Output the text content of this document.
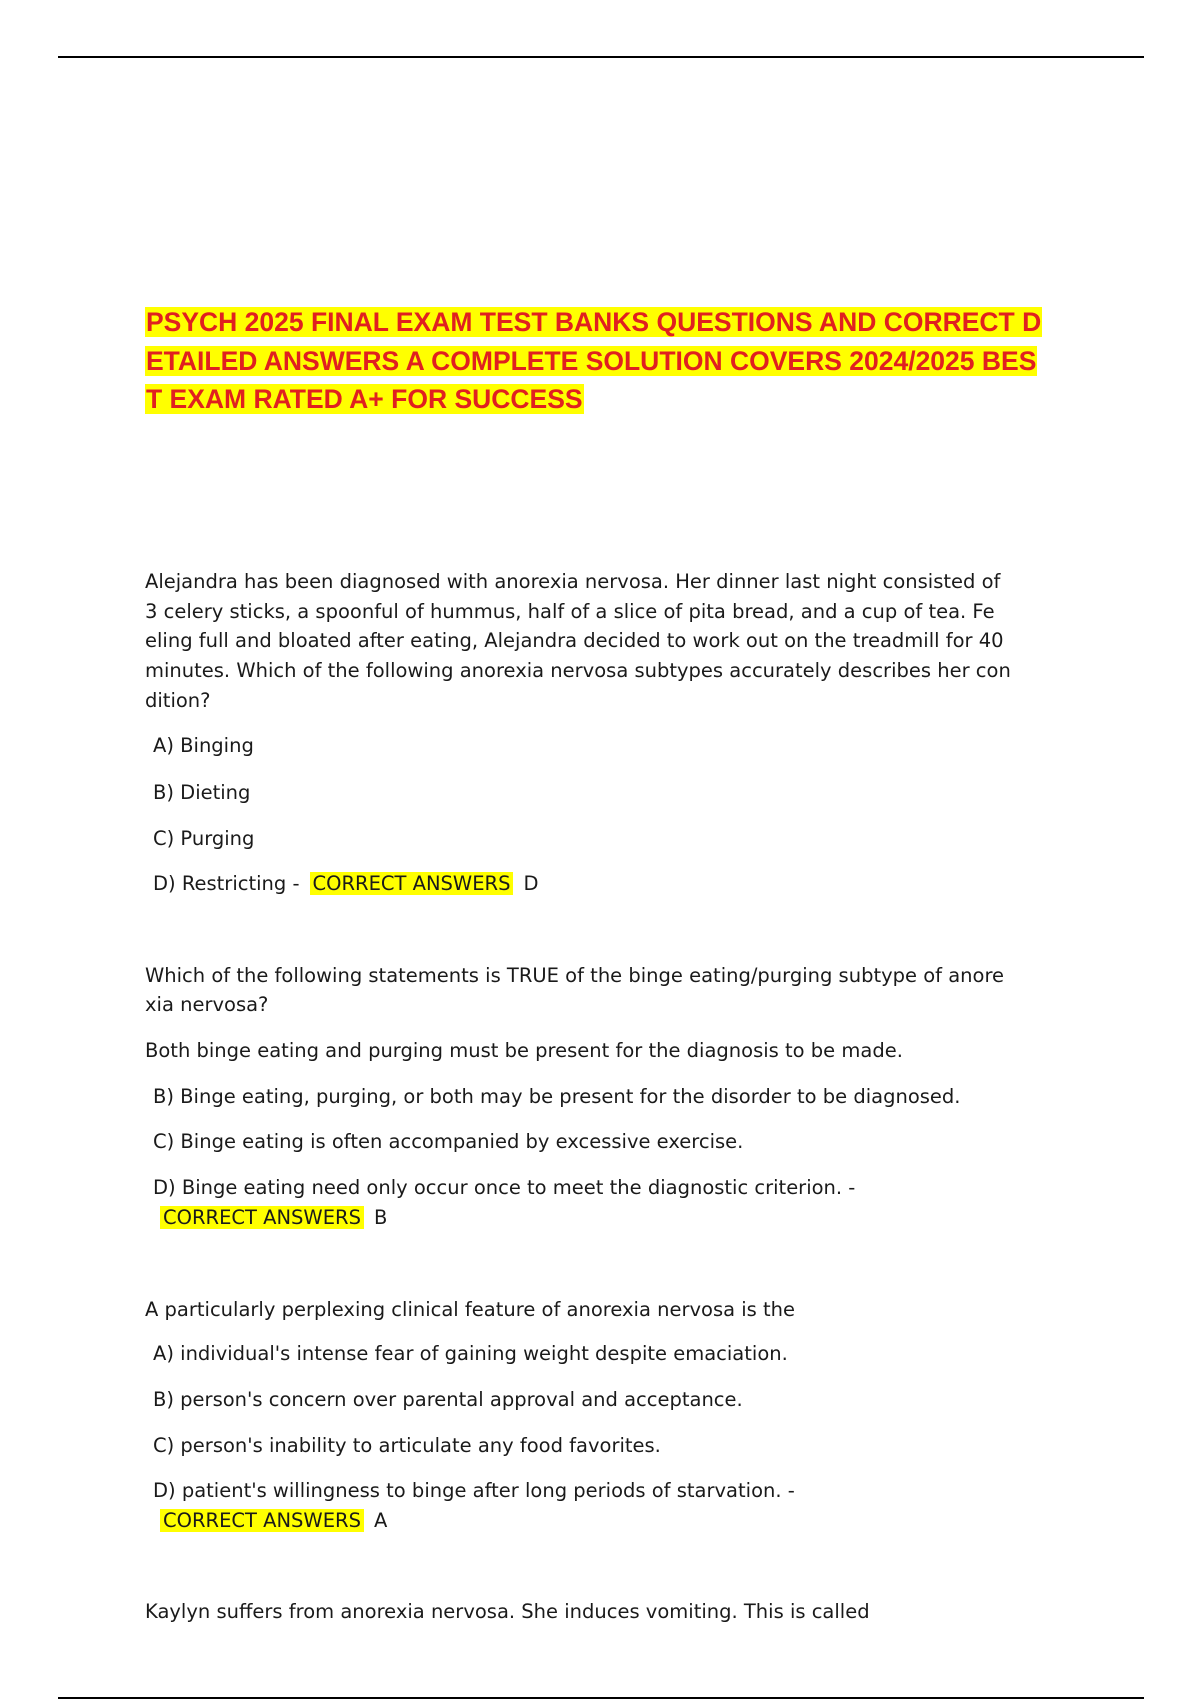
PSYCH 2025 FINAL EXAM TEST BANKS QUESTIONS AND CORRECT D
ETAILED ANSWERS A COMPLETE SOLUTION COVERS 2024/2025 BES
T EXAM RATED A+ FOR SUCCESS

Alejandra has been diagnosed with anorexia nervosa. Her dinner last night consisted of

3 celery sticks, a spoonful of hummus, half of a slice of pita bread, and a cup of tea. Fe

eling full and bloated after eating, Alejandra decided to work out on the treadmill for 40

minutes. Which of the following anorexia nervosa subtypes accurately describes her con

dition?

A) Binging

B) Dieting

C) Purging

D) Restricting - CORRECT ANSWERS D

Which of the following statements is TRUE of the binge eating/purging subtype of anore

xia nervosa?

Both binge eating and purging must be present for the diagnosis to be made.

B) Binge eating, purging, or both may be present for the disorder to be diagnosed.

C) Binge eating is often accompanied by excessive exercise.

D) Binge eating need only occur once to meet the diagnostic criterion. -

CORRECT ANSWERS B

A particularly perplexing clinical feature of anorexia nervosa is the

A) individual's intense fear of gaining weight despite emaciation.

B) person's concern over parental approval and acceptance.

C) person's inability to articulate any food favorites.

D) patient's willingness to binge after long periods of starvation. -

CORRECT ANSWERS A

Kaylyn suffers from anorexia nervosa. She induces vomiting. This is called
